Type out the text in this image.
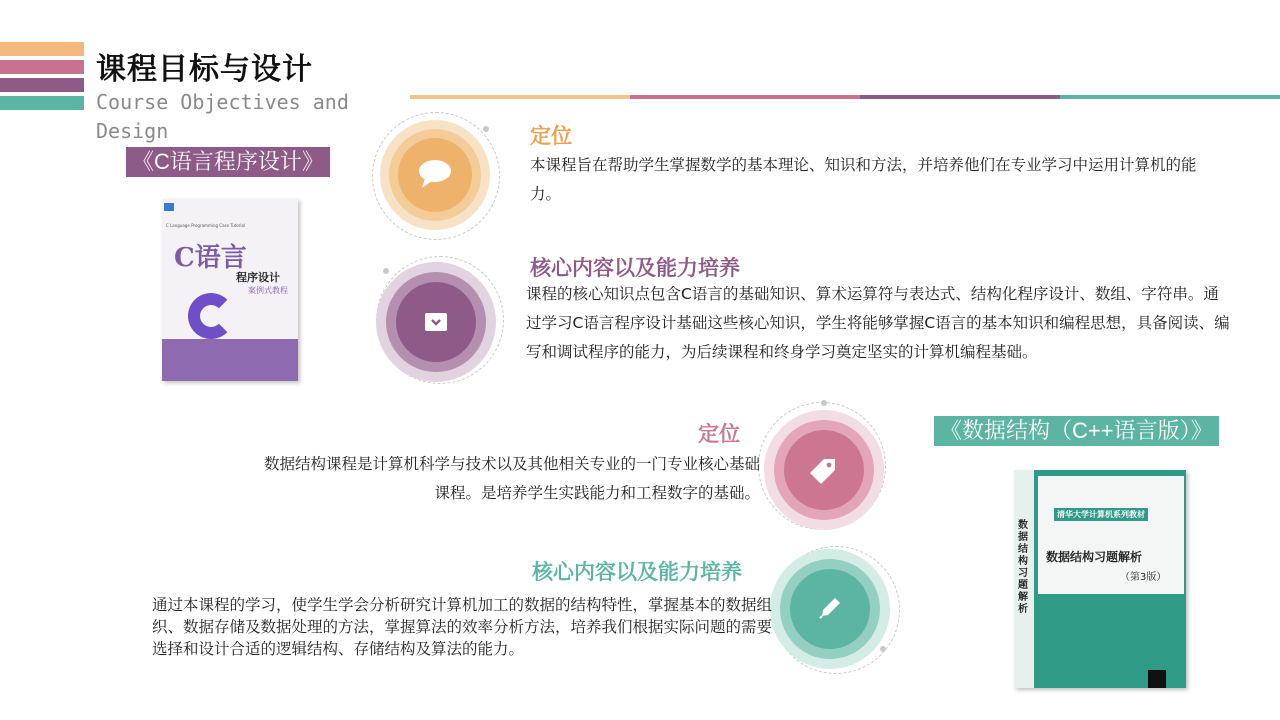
课程目标与设计
Course Objectives and Design
《C语言程序设计》
C Language Programming Case Tutorial
C语言
程序设计
案例式教程
定位
本课程旨在帮助学生掌握数学的基本理论、知识和方法，并培养他们在专业学习中运用计算机的能力。
核心内容以及能力培养
课程的核心知识点包含C语言的基础知识、算术运算符与表达式、结构化程序设计、数组、字符串。通过学习C语言程序设计基础这些核心知识，学生将能够掌握C语言的基本知识和编程思想，具备阅读、编写和调试程序的能力，为后续课程和终身学习奠定坚实的计算机编程基础。
《数据结构（C++语言版）》
定位
数据结构课程是计算机科学与技术以及其他相关专业的一门专业核心基础课程。是培养学生实践能力和工程数字的基础。
核心内容以及能力培养
通过本课程的学习，使学生学会分析研究计算机加工的数据的结构特性，掌握基本的数据组织、数据存储及数据处理的方法，掌握算法的效率分析方法，培养我们根据实际问题的需要选择和设计合适的逻辑结构、存储结构及算法的能力。
数据结构习题解析
清华大学计算机系列教材
数据结构习题解析
（第3版）
